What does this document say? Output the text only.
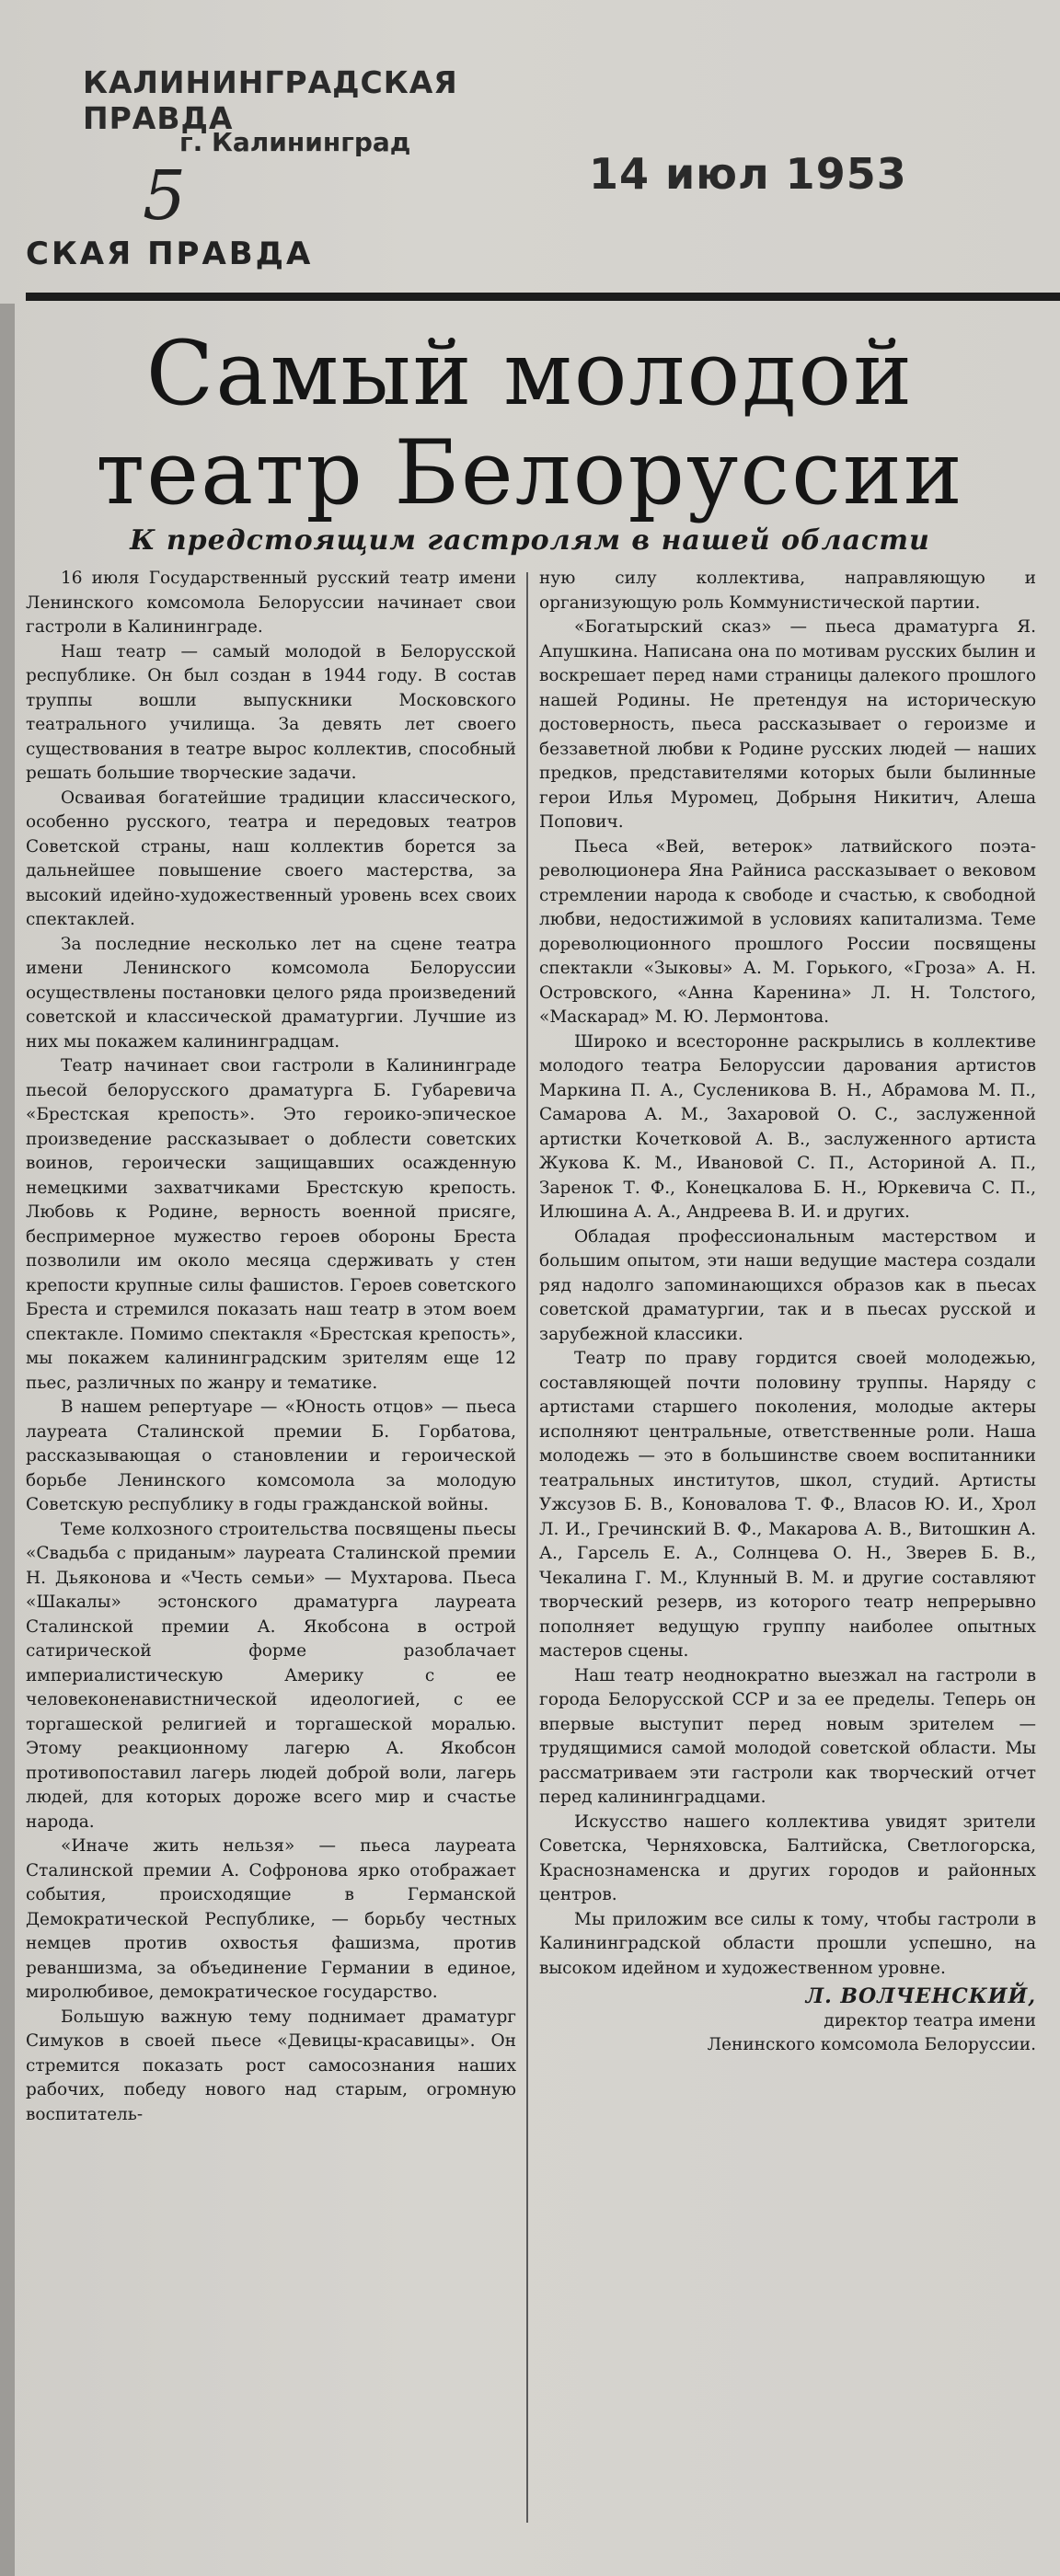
КАЛИНИНГРАДСКАЯ ПРАВДА
г. Калининград
14 июл 1953
5
СКАЯ ПРАВДА
Самый молодой
театр Белоруссии
К предстоящим гастролям в нашей области

16 июля Государственный русский театр имени Ленинского комсомола Белоруссии начинает свои гастроли в Калининграде.

Наш театр — самый молодой в Белорусской республике. Он был создан в 1944 году. В состав труппы вошли выпускники Московского театрального училища. За девять лет своего существования в театре вырос коллектив, способный решать большие творческие задачи.

Осваивая богатейшие традиции классического, особенно русского, театра и передовых театров Советской страны, наш коллектив борется за дальнейшее повышение своего мастерства, за высокий идейно-художественный уровень всех своих спектаклей.

За последние несколько лет на сцене театра имени Ленинского комсомола Белоруссии осуществлены постановки целого ряда произведений советской и классической драматургии. Лучшие из них мы покажем калининградцам.

Театр начинает свои гастроли в Калининграде пьесой белорусского драматурга Б. Губаревича «Брестская крепость». Это героико-эпическое произведение рассказывает о доблести советских воинов, героически защищавших осажденную немецкими захватчиками Брестскую крепость. Любовь к Родине, верность военной присяге, беспримерное мужество героев обороны Бреста позволили им около месяца сдерживать у стен крепости крупные силы фашистов. Героев советского Бреста и стремился показать наш театр в этом воем спектакле. Помимо спектакля «Брестская крепость», мы покажем калининградским зрителям еще 12 пьес, различных по жанру и тематике.

В нашем репертуаре — «Юность отцов» — пьеса лауреата Сталинской премии Б. Горбатова, рассказывающая о становлении и героической борьбе Ленинского комсомола за молодую Советскую республику в годы гражданской войны.

Теме колхозного строительства посвящены пьесы «Свадьба с приданым» лауреата Сталинской премии Н. Дьяконова и «Честь семьи» — Мухтарова. Пьеса «Шакалы» эстонского драматурга лауреата Сталинской премии А. Якобсона в острой сатирической форме разоблачает империалистическую Америку с ее человеконенавистнической идеологией, с ее торгашеской религией и торгашеской моралью. Этому реакционному лагерю А. Якобсон противопоставил лагерь людей доброй воли, лагерь людей, для которых дороже всего мир и счастье народа.

«Иначе жить нельзя» — пьеса лауреата Сталинской премии А. Софронова ярко отображает события, происходящие в Германской Демократической Республике, — борьбу честных немцев против охвостья фашизма, против реваншизма, за объединение Германии в единое, миролюбивое, демократическое государство.

Большую важную тему поднимает драматург Симуков в своей пьесе «Девицы-красавицы». Он стремится показать рост самосознания наших рабочих, победу нового над старым, огромную воспитатель-

ную силу коллектива, направляющую и организующую роль Коммунистической партии.

«Богатырский сказ» — пьеса драматурга Я. Апушкина. Написана она по мотивам русских былин и воскрешает перед нами страницы далекого прошлого нашей Родины. Не претендуя на историческую достоверность, пьеса рассказывает о героизме и беззаветной любви к Родине русских людей — наших предков, представителями которых были былинные герои Илья Муромец, Добрыня Никитич, Алеша Попович.

Пьеса «Вей, ветерок» латвийского поэта-революционера Яна Райниса рассказывает о вековом стремлении народа к свободе и счастью, к свободной любви, недостижимой в условиях капитализма. Теме дореволюционного прошлого России посвящены спектакли «Зыковы» А. М. Горького, «Гроза» А. Н. Островского, «Анна Каренина» Л. Н. Толстого, «Маскарад» М. Ю. Лермонтова.

Широко и всесторонне раскрылись в коллективе молодого театра Белоруссии дарования артистов Маркина П. А., Сусленикова В. Н., Абрамова М. П., Самарова А. М., Захаровой О. С., заслуженной артистки Кочетковой А. В., заслуженного артиста Жукова К. М., Ивановой С. П., Асториной А. П., Заренок Т. Ф., Конецкалова Б. Н., Юркевича С. П., Илюшина А. А., Андреева В. И. и других.

Обладая профессиональным мастерством и большим опытом, эти наши ведущие мастера создали ряд надолго запоминающихся образов как в пьесах советской драматургии, так и в пьесах русской и зарубежной классики.

Театр по праву гордится своей молодежью, составляющей почти половину труппы. Наряду с артистами старшего поколения, молодые актеры исполняют центральные, ответственные роли. Наша молодежь — это в большинстве своем воспитанники театральных институтов, школ, студий. Артисты Ужсузов Б. В., Коновалова Т. Ф., Власов Ю. И., Хрол Л. И., Гречинский В. Ф., Макарова А. В., Витошкин А. А., Гарсель Е. А., Солнцева О. Н., Зверев Б. В., Чекалина Г. М., Клунный В. М. и другие составляют творческий резерв, из которого театр непрерывно пополняет ведущую группу наиболее опытных мастеров сцены.

Наш театр неоднократно выезжал на гастроли в города Белорусской ССР и за ее пределы. Теперь он впервые выступит перед новым зрителем — трудящимися самой молодой советской области. Мы рассматриваем эти гастроли как творческий отчет перед калининградцами.

Искусство нашего коллектива увидят зрители Советска, Черняховска, Балтийска, Светлогорска, Краснознаменска и других городов и районных центров.

Мы приложим все силы к тому, чтобы гастроли в Калининградской области прошли успешно, на высоком идейном и художественном уровне.

Л. ВОЛЧЕНСКИЙ,
директор театра имени
Ленинского комсомола Белоруссии.
